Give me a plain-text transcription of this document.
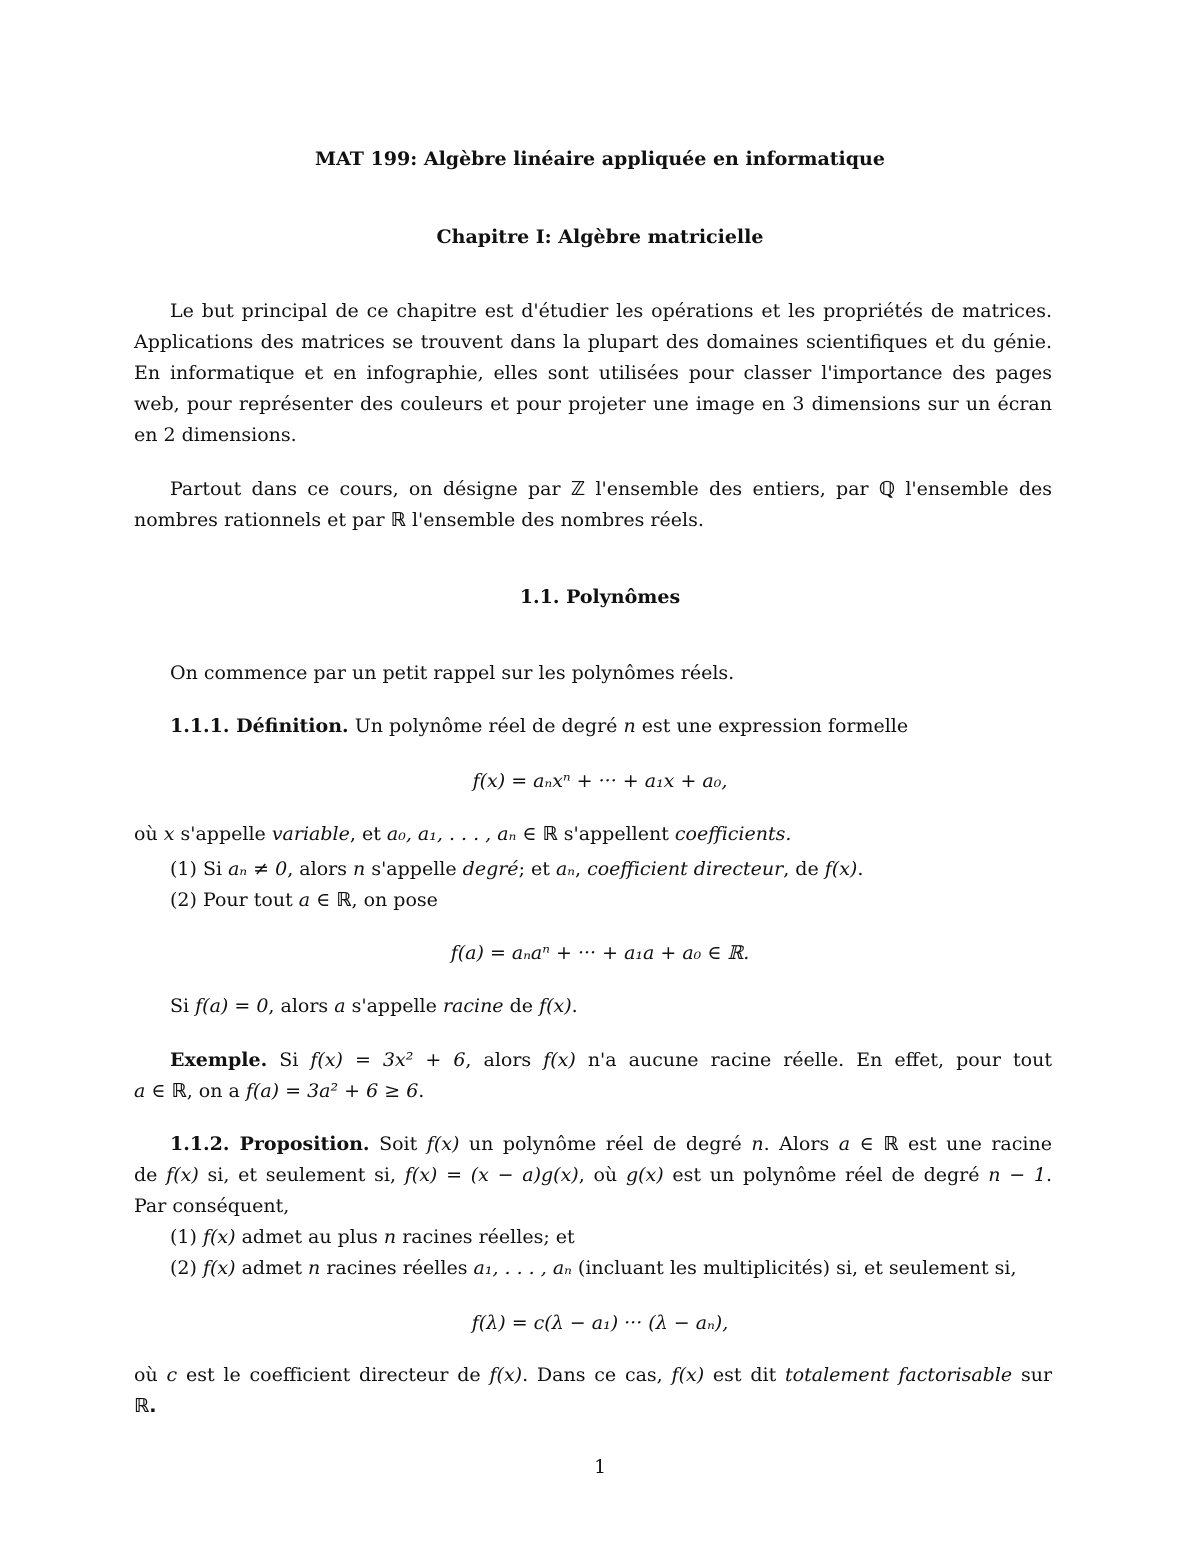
MAT 199: Algèbre linéaire appliquée en informatique
Chapitre I: Algèbre matricielle
Le but principal de ce chapitre est d'étudier les opérations et les propriétés de matrices.
Applications des matrices se trouvent dans la plupart des domaines scientifiques et du génie.
En informatique et en infographie, elles sont utilisées pour classer l'importance des pages
web, pour représenter des couleurs et pour projeter une image en 3 dimensions sur un écran
en 2 dimensions.
Partout dans ce cours, on désigne par ℤ l'ensemble des entiers, par ℚ l'ensemble des
nombres rationnels et par ℝ l'ensemble des nombres réels.
1.1. Polynômes
On commence par un petit rappel sur les polynômes réels.
1.1.1. Définition. Un polynôme réel de degré n est une expression formelle
f(x) = aₙxⁿ + ··· + a₁x + a₀,
où x s'appelle variable, et a₀, a₁, . . . , aₙ ∈ ℝ s'appellent coefficients.
(1) Si aₙ ≠ 0, alors n s'appelle degré; et aₙ, coefficient directeur, de f(x).
(2) Pour tout a ∈ ℝ, on pose
f(a) = aₙaⁿ + ··· + a₁a + a₀ ∈ ℝ.
Si f(a) = 0, alors a s'appelle racine de f(x).
Exemple. Si f(x) = 3x² + 6, alors f(x) n'a aucune racine réelle. En effet, pour tout
a ∈ ℝ, on a f(a) = 3a² + 6 ≥ 6.
1.1.2. Proposition. Soit f(x) un polynôme réel de degré n. Alors a ∈ ℝ est une racine
de f(x) si, et seulement si, f(x) = (x − a)g(x), où g(x) est un polynôme réel de degré n − 1.
Par conséquent,
(1) f(x) admet au plus n racines réelles; et
(2) f(x) admet n racines réelles a₁, . . . , aₙ (incluant les multiplicités) si, et seulement si,
f(λ) = c(λ − a₁) ··· (λ − aₙ),
où c est le coefficient directeur de f(x). Dans ce cas, f(x) est dit totalement factorisable sur
ℝ.
1
